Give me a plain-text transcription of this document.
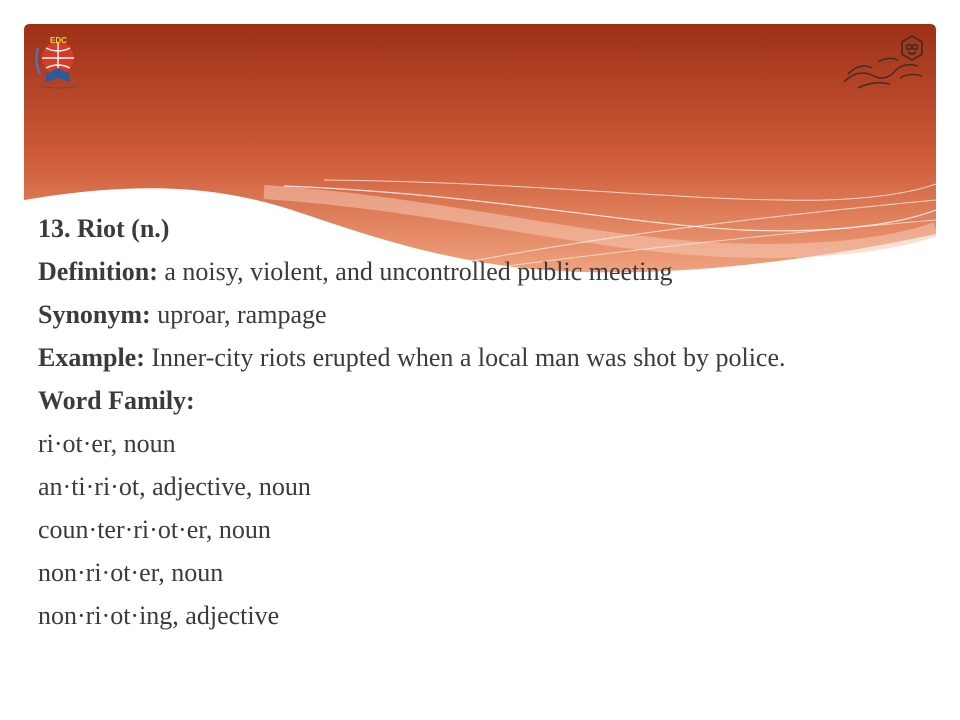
EDC
13. Riot (n.)
Definition: a noisy, violent, and uncontrolled public meeting
Synonym: uproar, rampage
Example: Inner-city riots erupted when a local man was shot by police.
Word Family:
ri·ot·er, noun
an·ti·ri·ot, adjective, noun
coun·ter·ri·ot·er, noun
non·ri·ot·er, noun
non·ri·ot·ing, adjective
